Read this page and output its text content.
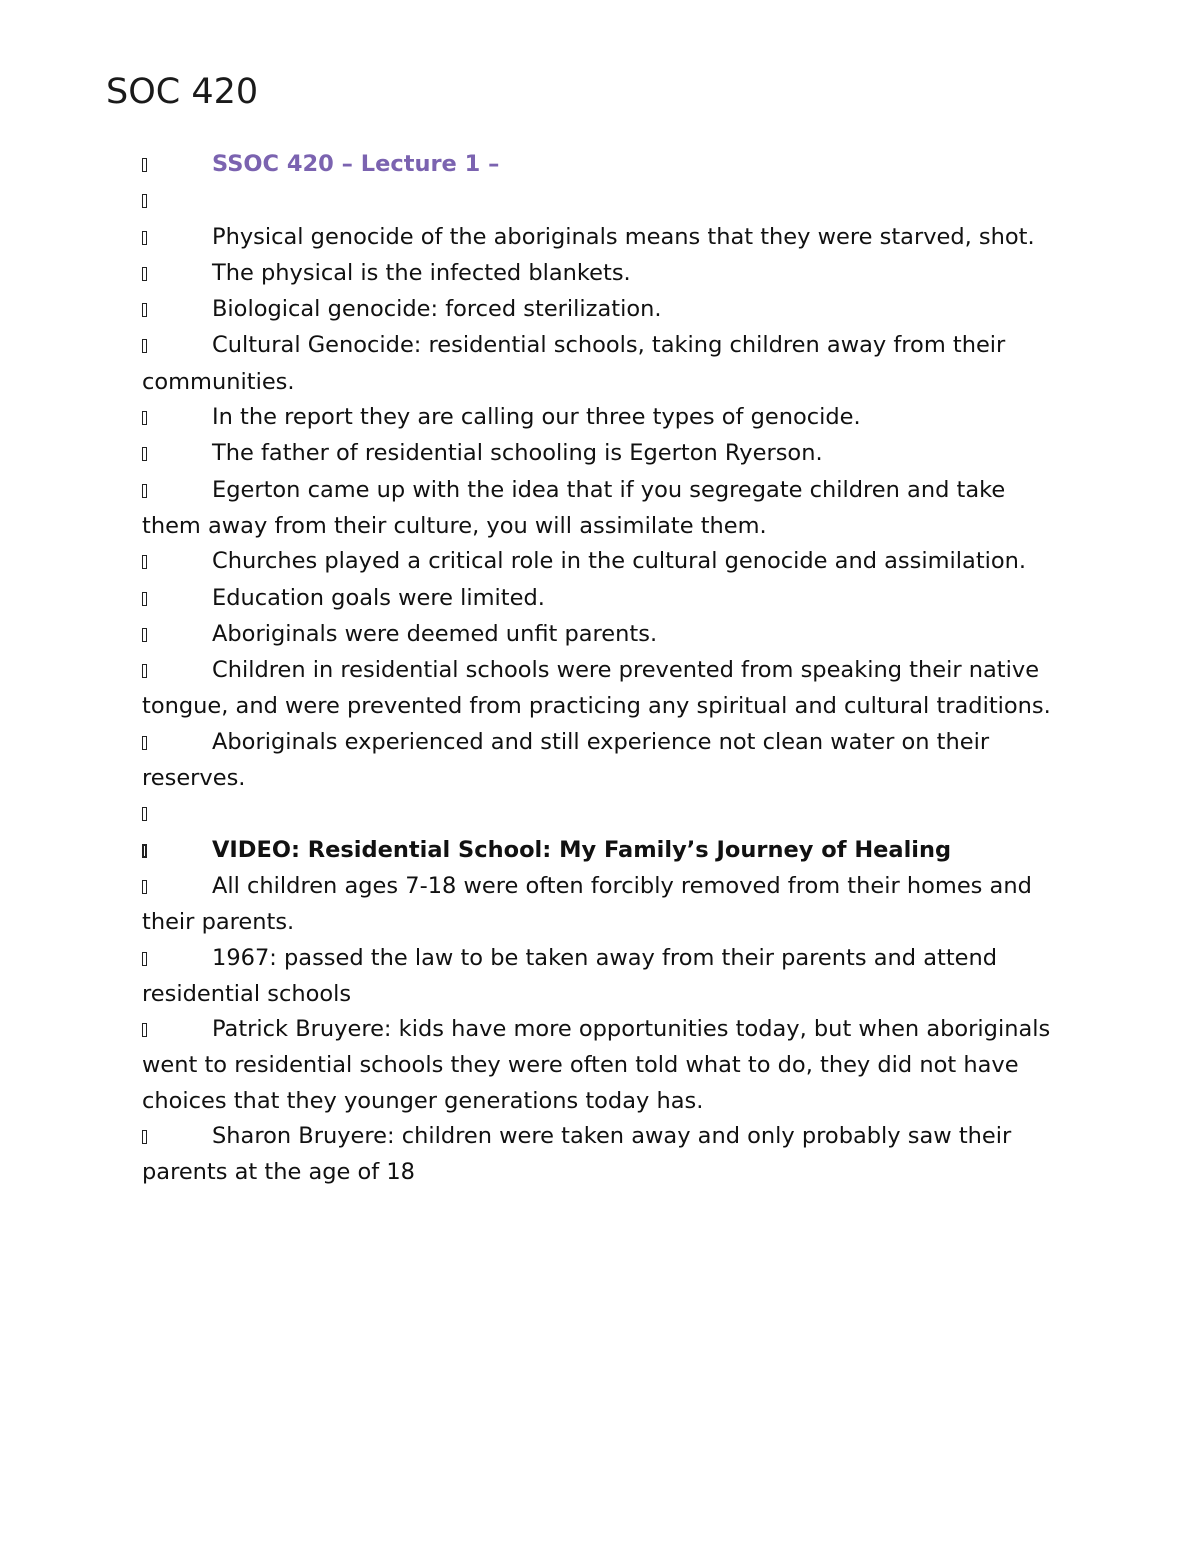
SOC 420
SSOC 420 – Lecture 1 –
Physical genocide of the aboriginals means that they were starved, shot.
The physical is the infected blankets.
Biological genocide: forced sterilization.
Cultural Genocide: residential schools, taking children away from their communities.
In the report they are calling our three types of genocide.
The father of residential schooling is Egerton Ryerson.
Egerton came up with the idea that if you segregate children and take them away from their culture, you will assimilate them.
Churches played a critical role in the cultural genocide and assimilation.
Education goals were limited.
Aboriginals were deemed unfit parents.
Children in residential schools were prevented from speaking their native tongue, and were prevented from practicing any spiritual and cultural traditions.
Aboriginals experienced and still experience not clean water on their reserves.
VIDEO: Residential School: My Family’s Journey of Healing
All children ages 7-18 were often forcibly removed from their homes and their parents.
1967: passed the law to be taken away from their parents and attend residential schools
Patrick Bruyere: kids have more opportunities today, but when aboriginals went to residential schools they were often told what to do, they did not have choices that they younger generations today has.
Sharon Bruyere: children were taken away and only probably saw their parents at the age of 18
